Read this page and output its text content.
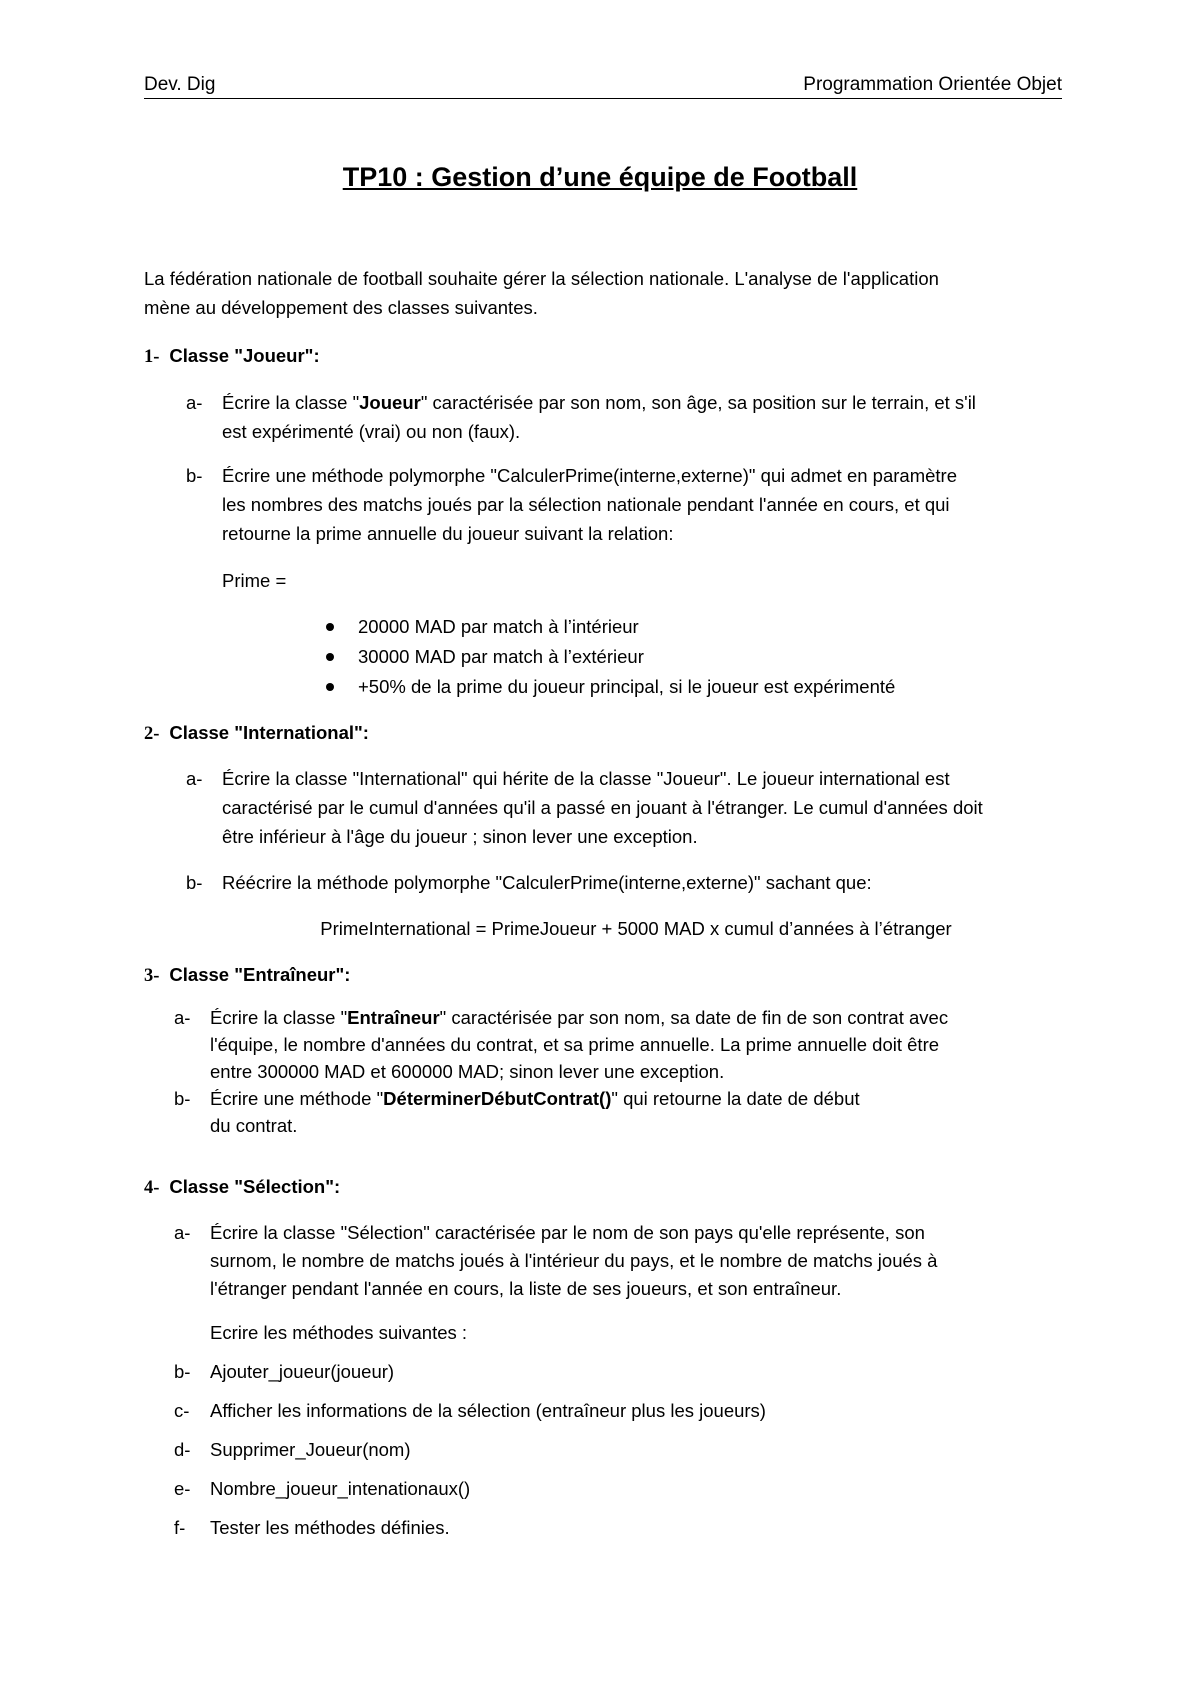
Dev. Dig	Programmation Orientée Objet
TP10 : Gestion d’une équipe de Football
La fédération nationale de football souhaite gérer la sélection nationale. L'analyse de l'application
mène au développement des classes suivantes.
1- Classe "Joueur":
a- Écrire la classe "Joueur" caractérisée par son nom, son âge, sa position sur le terrain, et s'il
est expérimenté (vrai) ou non (faux).
b- Écrire une méthode polymorphe "CalculerPrime(interne,externe)" qui admet en paramètre
les nombres des matchs joués par la sélection nationale pendant l'année en cours, et qui
retourne la prime annuelle du joueur suivant la relation:
Prime =
20000 MAD par match à l’intérieur
30000 MAD par match à l’extérieur
+50% de la prime du joueur principal, si le joueur est expérimenté
2- Classe "International":
a- Écrire la classe "International" qui hérite de la classe "Joueur". Le joueur international est
caractérisé par le cumul d'années qu'il a passé en jouant à l'étranger. Le cumul d'années doit
être inférieur à l'âge du joueur ; sinon lever une exception.
b- Réécrire la méthode polymorphe "CalculerPrime(interne,externe)" sachant que:
PrimeInternational = PrimeJoueur + 5000 MAD x cumul d’années à l’étranger
3- Classe "Entraîneur":
a- Écrire la classe "Entraîneur" caractérisée par son nom, sa date de fin de son contrat avec
l'équipe, le nombre d'années du contrat, et sa prime annuelle. La prime annuelle doit être
entre 300000 MAD et 600000 MAD; sinon lever une exception.
b- Écrire une méthode "DéterminerDébutContrat()" qui retourne la date de début
du contrat.
4- Classe "Sélection":
a- Écrire la classe "Sélection" caractérisée par le nom de son pays qu'elle représente, son
surnom, le nombre de matchs joués à l'intérieur du pays, et le nombre de matchs joués à
l'étranger pendant l'année en cours, la liste de ses joueurs, et son entraîneur.
Ecrire les méthodes suivantes :
b- Ajouter_joueur(joueur)
c- Afficher les informations de la sélection (entraîneur plus les joueurs)
d- Supprimer_Joueur(nom)
e- Nombre_joueur_intenationaux()
f- Tester les méthodes définies.
